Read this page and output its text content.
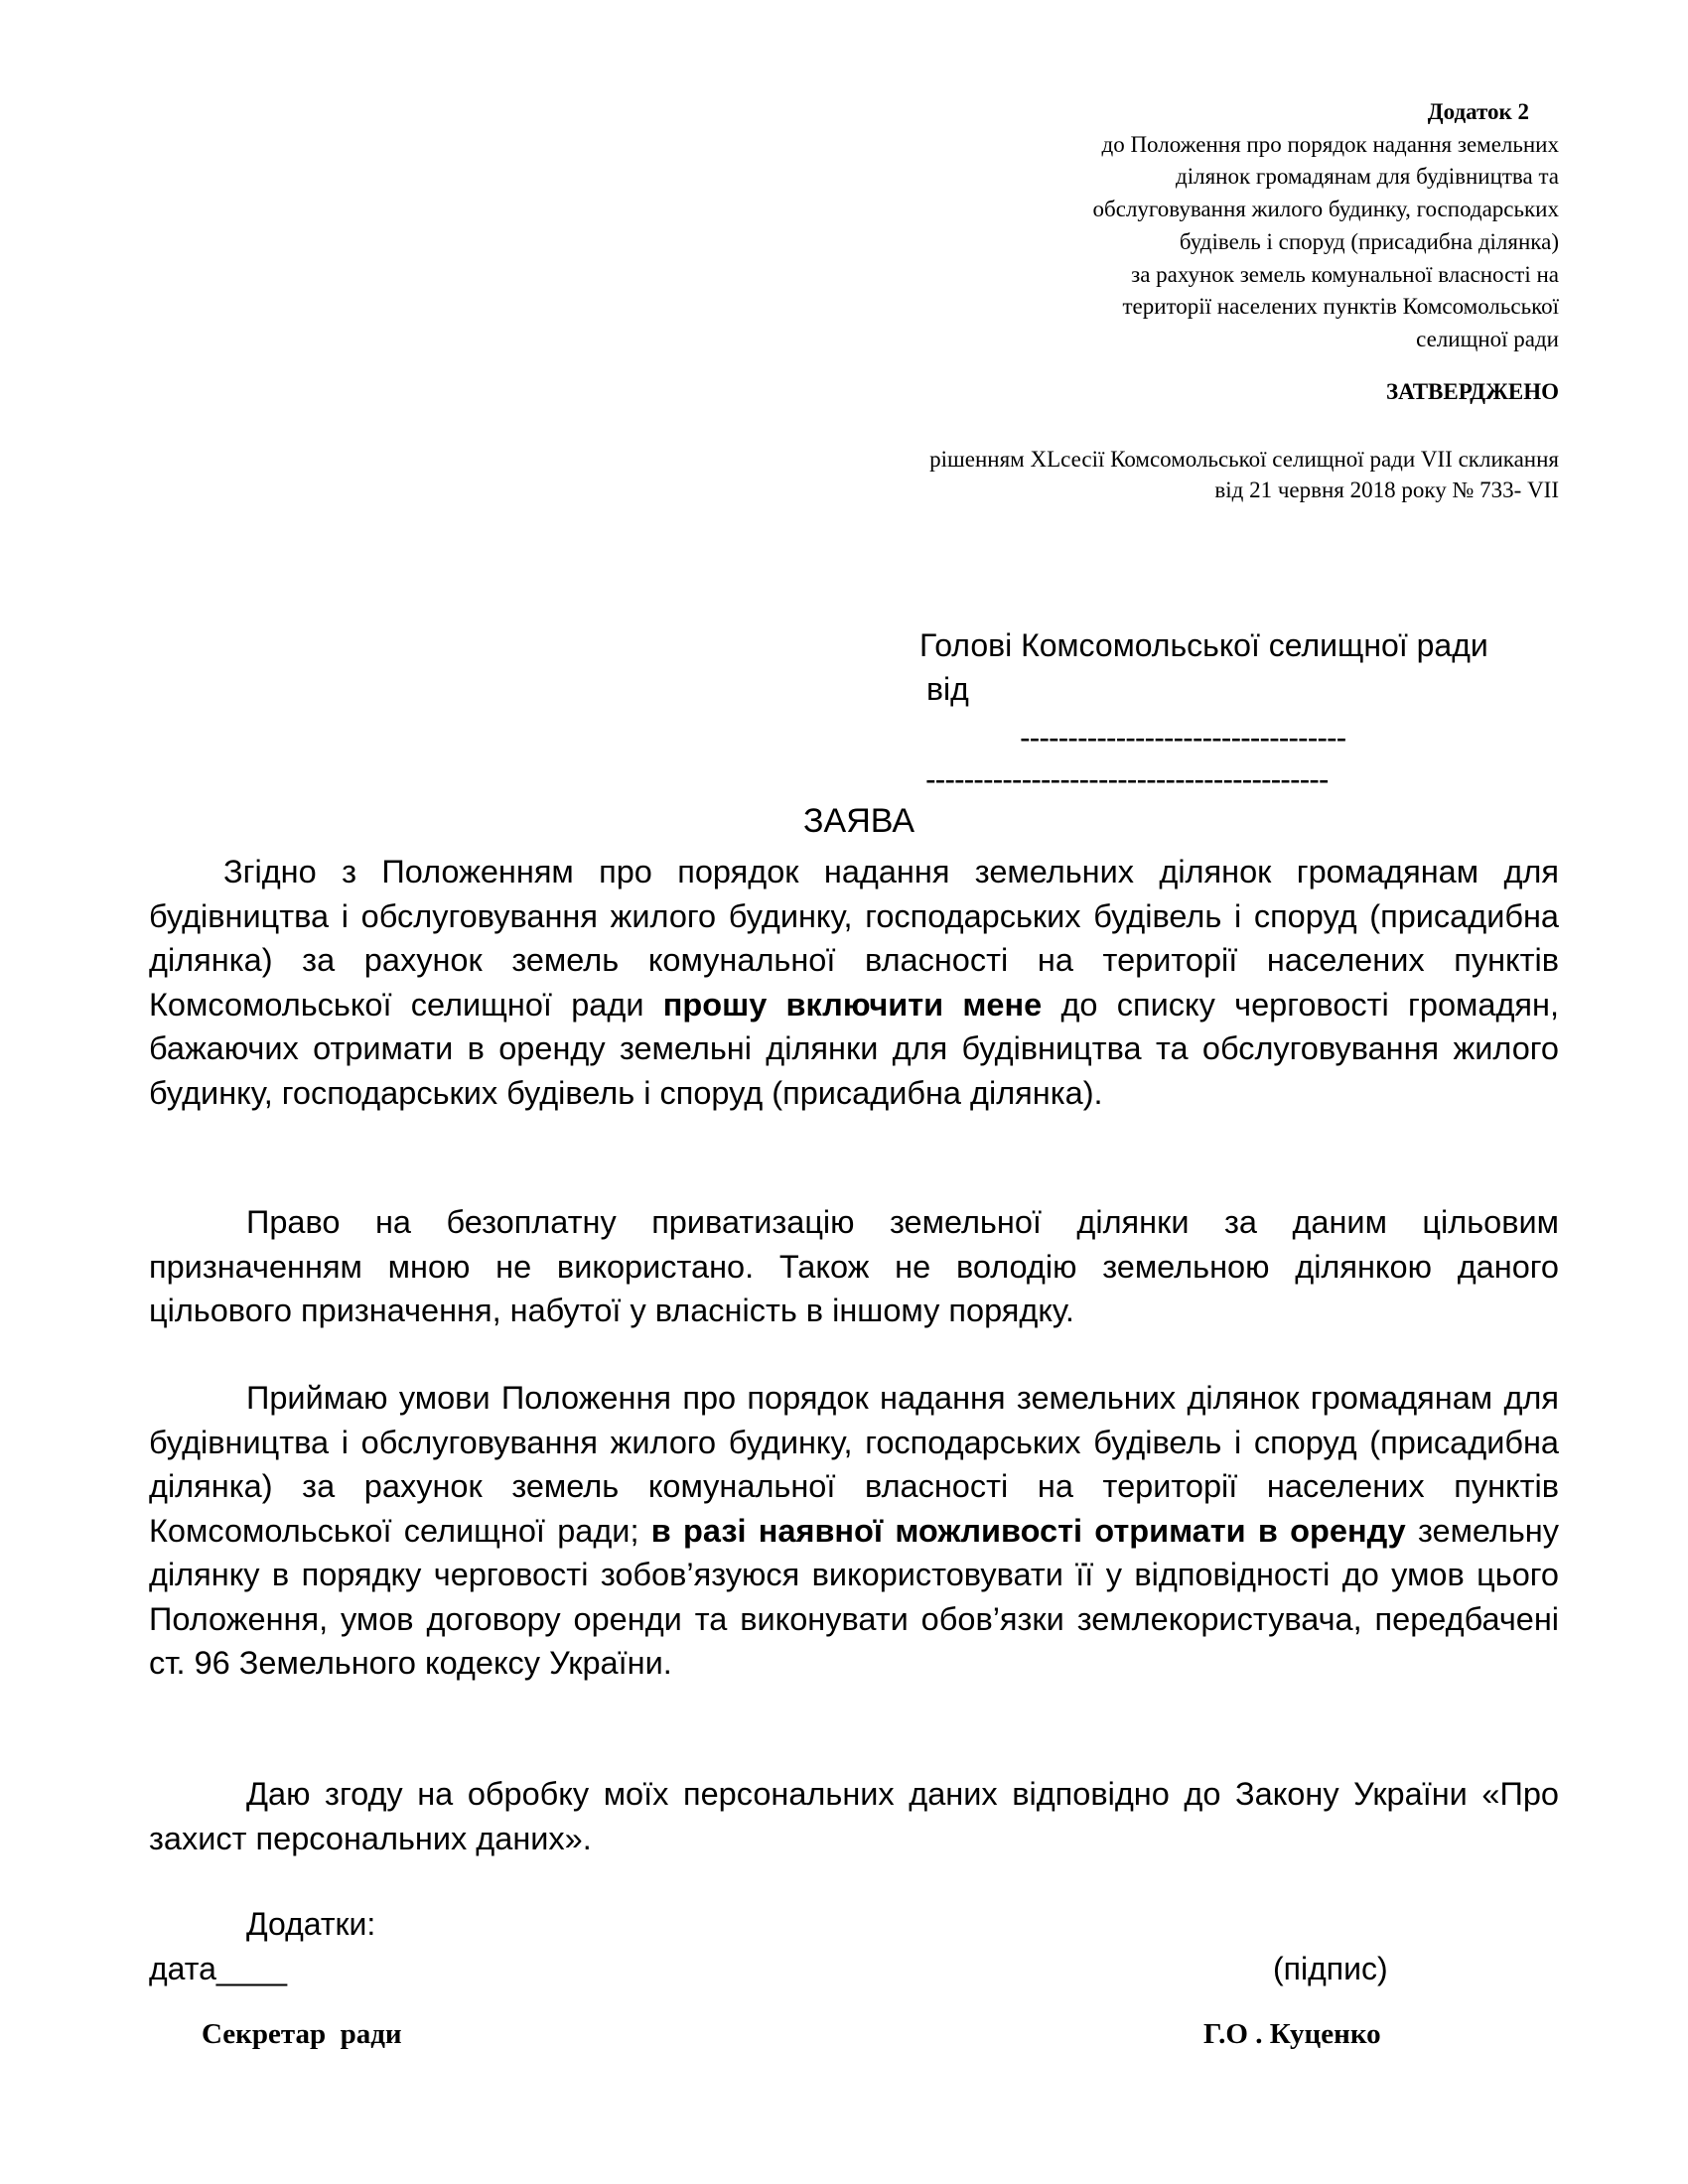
Додаток 2
до Положення про порядок надання земельних
ділянок громадянам для будівництва та
обслуговування жилого будинку, господарських
будівель і споруд (присадибна ділянка)
за рахунок земель комунальної власності на
території населених пунктів Комсомольської
селищної ради
ЗАТВЕРДЖЕНО
рішенням XLсесії Комсомольської селищної ради VII скликання
від 21 червня 2018 року № 733- VII
Голові Комсомольської селищної ради
від
----------------------------------
------------------------------------------
ЗАЯВА
Згідно з Положенням про порядок надання земельних ділянок громадянам для будівництва і обслуговування жилого будинку, господарських будівель і споруд (присадибна ділянка) за рахунок земель комунальної власності на території населених пунктів Комсомольської селищної ради прошу включити мене до списку черговості громадян, бажаючих отримати в оренду земельні ділянки для будівництва та обслуговування жилого будинку, господарських будівель і споруд (присадибна ділянка).
Право на безоплатну приватизацію земельної ділянки за даним цільовим призначенням мною не використано. Також не володію земельною ділянкою даного цільового призначення, набутої у власність в іншому порядку.
Приймаю умови Положення про порядок надання земельних ділянок громадянам для будівництва і обслуговування жилого будинку, господарських будівель і споруд (присадибна ділянка) за рахунок земель комунальної власності на території населених пунктів Комсомольської селищної ради; в разі наявної можливості отримати в оренду земельну ділянку в порядку черговості зобов’язуюся використовувати її у відповідності до умов цього Положення, умов договору оренди та виконувати обов’язки землекористувача, передбачені ст. 96 Земельного кодексу України.
Даю згоду на обробку моїх персональних даних відповідно до Закону України «Про захист персональних даних».
Додатки:
дата____	(підпис)
Секретар  ради	Г.О . Куценко
